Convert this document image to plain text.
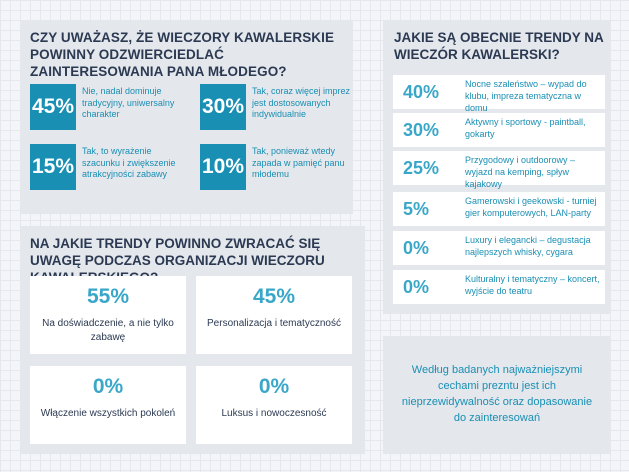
CZY UWAŻASZ, ŻE WIECZORY KAWALERSKIE POWINNY ODZWIERCIEDLAĆ ZAINTERESOWANIA PANA MŁODEGO?
45%
Nie, nadal dominuje tradycyjny, uniwersalny charakter	30%
Tak, coraz więcej imprez jest dostosowanych indywidualnie
15%
Tak, to wyrażenie szacunku i zwiększenie atrakcyjności zabawy	10%
Tak, ponieważ wtedy zapada w pamięć panu młodemu
NA JAKIE TRENDY POWINNO ZWRACAĆ SIĘ UWAGĘ PODCZAS ORGANIZACJI WIECZORU
55%
Na doświadczenie, a nie tylko zabawę
45%
Personalizacja i tematyczność
0%
Włączenie wszystkich pokoleń
0%
Luksus i nowoczesność
JAKIE SĄ OBECNIE TRENDY NA WIECZÓR KAWALERSKI?
40%	Nocne szaleństwo – wypad do klubu, impreza tematyczna w domu
30%	Aktywny i sportowy - paintball, gokarty
25%	Przygodowy i outdoorowy – wyjazd na kemping, spływ kajakowy
5%	Gamerowski i geekowski - turniej gier komputerowych, LAN-party
0%	Luxury i elegancki – degustacja najlepszych whisky, cygara
0%	Kulturalny i tematyczny – koncert, wyjście do teatru
Według badanych najważniejszymi cechami prezntu jest ich nieprzewidywalność oraz dopasowanie do zainteresowań
